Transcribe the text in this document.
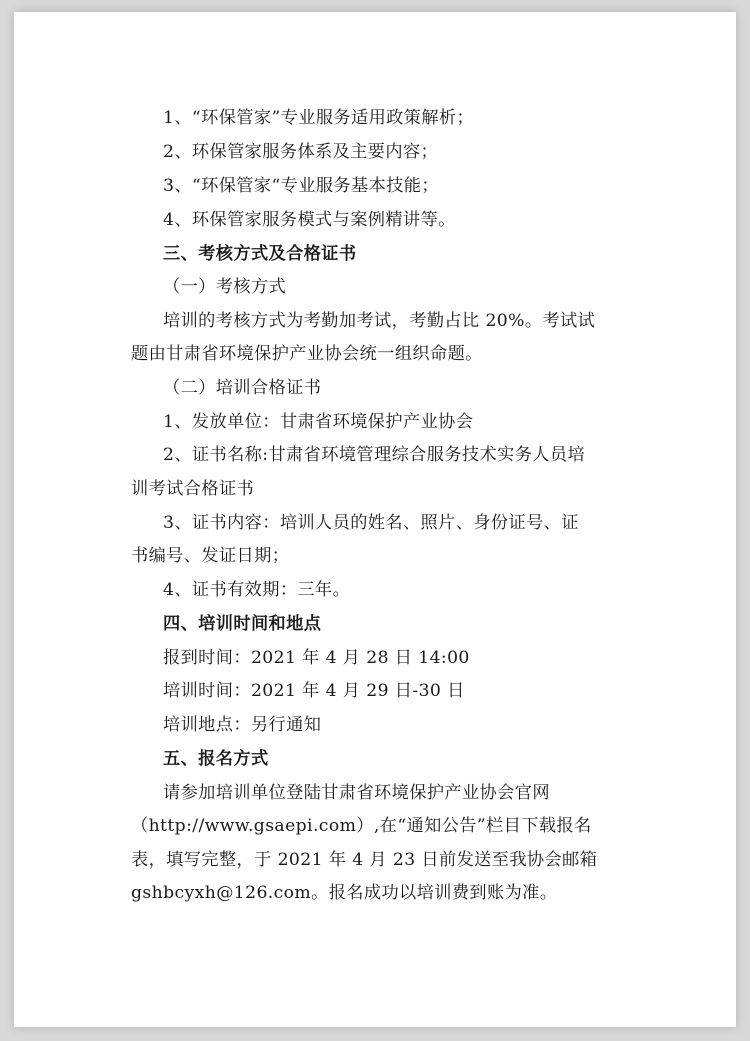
1、“环保管家”专业服务适用政策解析；
2、环保管家服务体系及主要内容；
3、“环保管家“专业服务基本技能；
4、环保管家服务模式与案例精讲等。
三、考核方式及合格证书
（一）考核方式
培训的考核方式为考勤加考试，考勤占比 20%。考试试
题由甘肃省环境保护产业协会统一组织命题。
（二）培训合格证书
1、发放单位：甘肃省环境保护产业协会
2、证书名称:甘肃省环境管理综合服务技术实务人员培
训考试合格证书
3、证书内容：培训人员的姓名、照片、身份证号、证
书编号、发证日期；
4、证书有效期：三年。
四、培训时间和地点
报到时间：2021 年 4 月 28 日 14:00
培训时间：2021 年 4 月 29 日-30 日
培训地点：另行通知
五、报名方式
请参加培训单位登陆甘肃省环境保护产业协会官网
（http://www.gsaepi.com）,在“通知公告”栏目下载报名
表，填写完整，于 2021 年 4 月 23 日前发送至我协会邮箱
gshbcyxh@126.com。报名成功以培训费到账为准。
